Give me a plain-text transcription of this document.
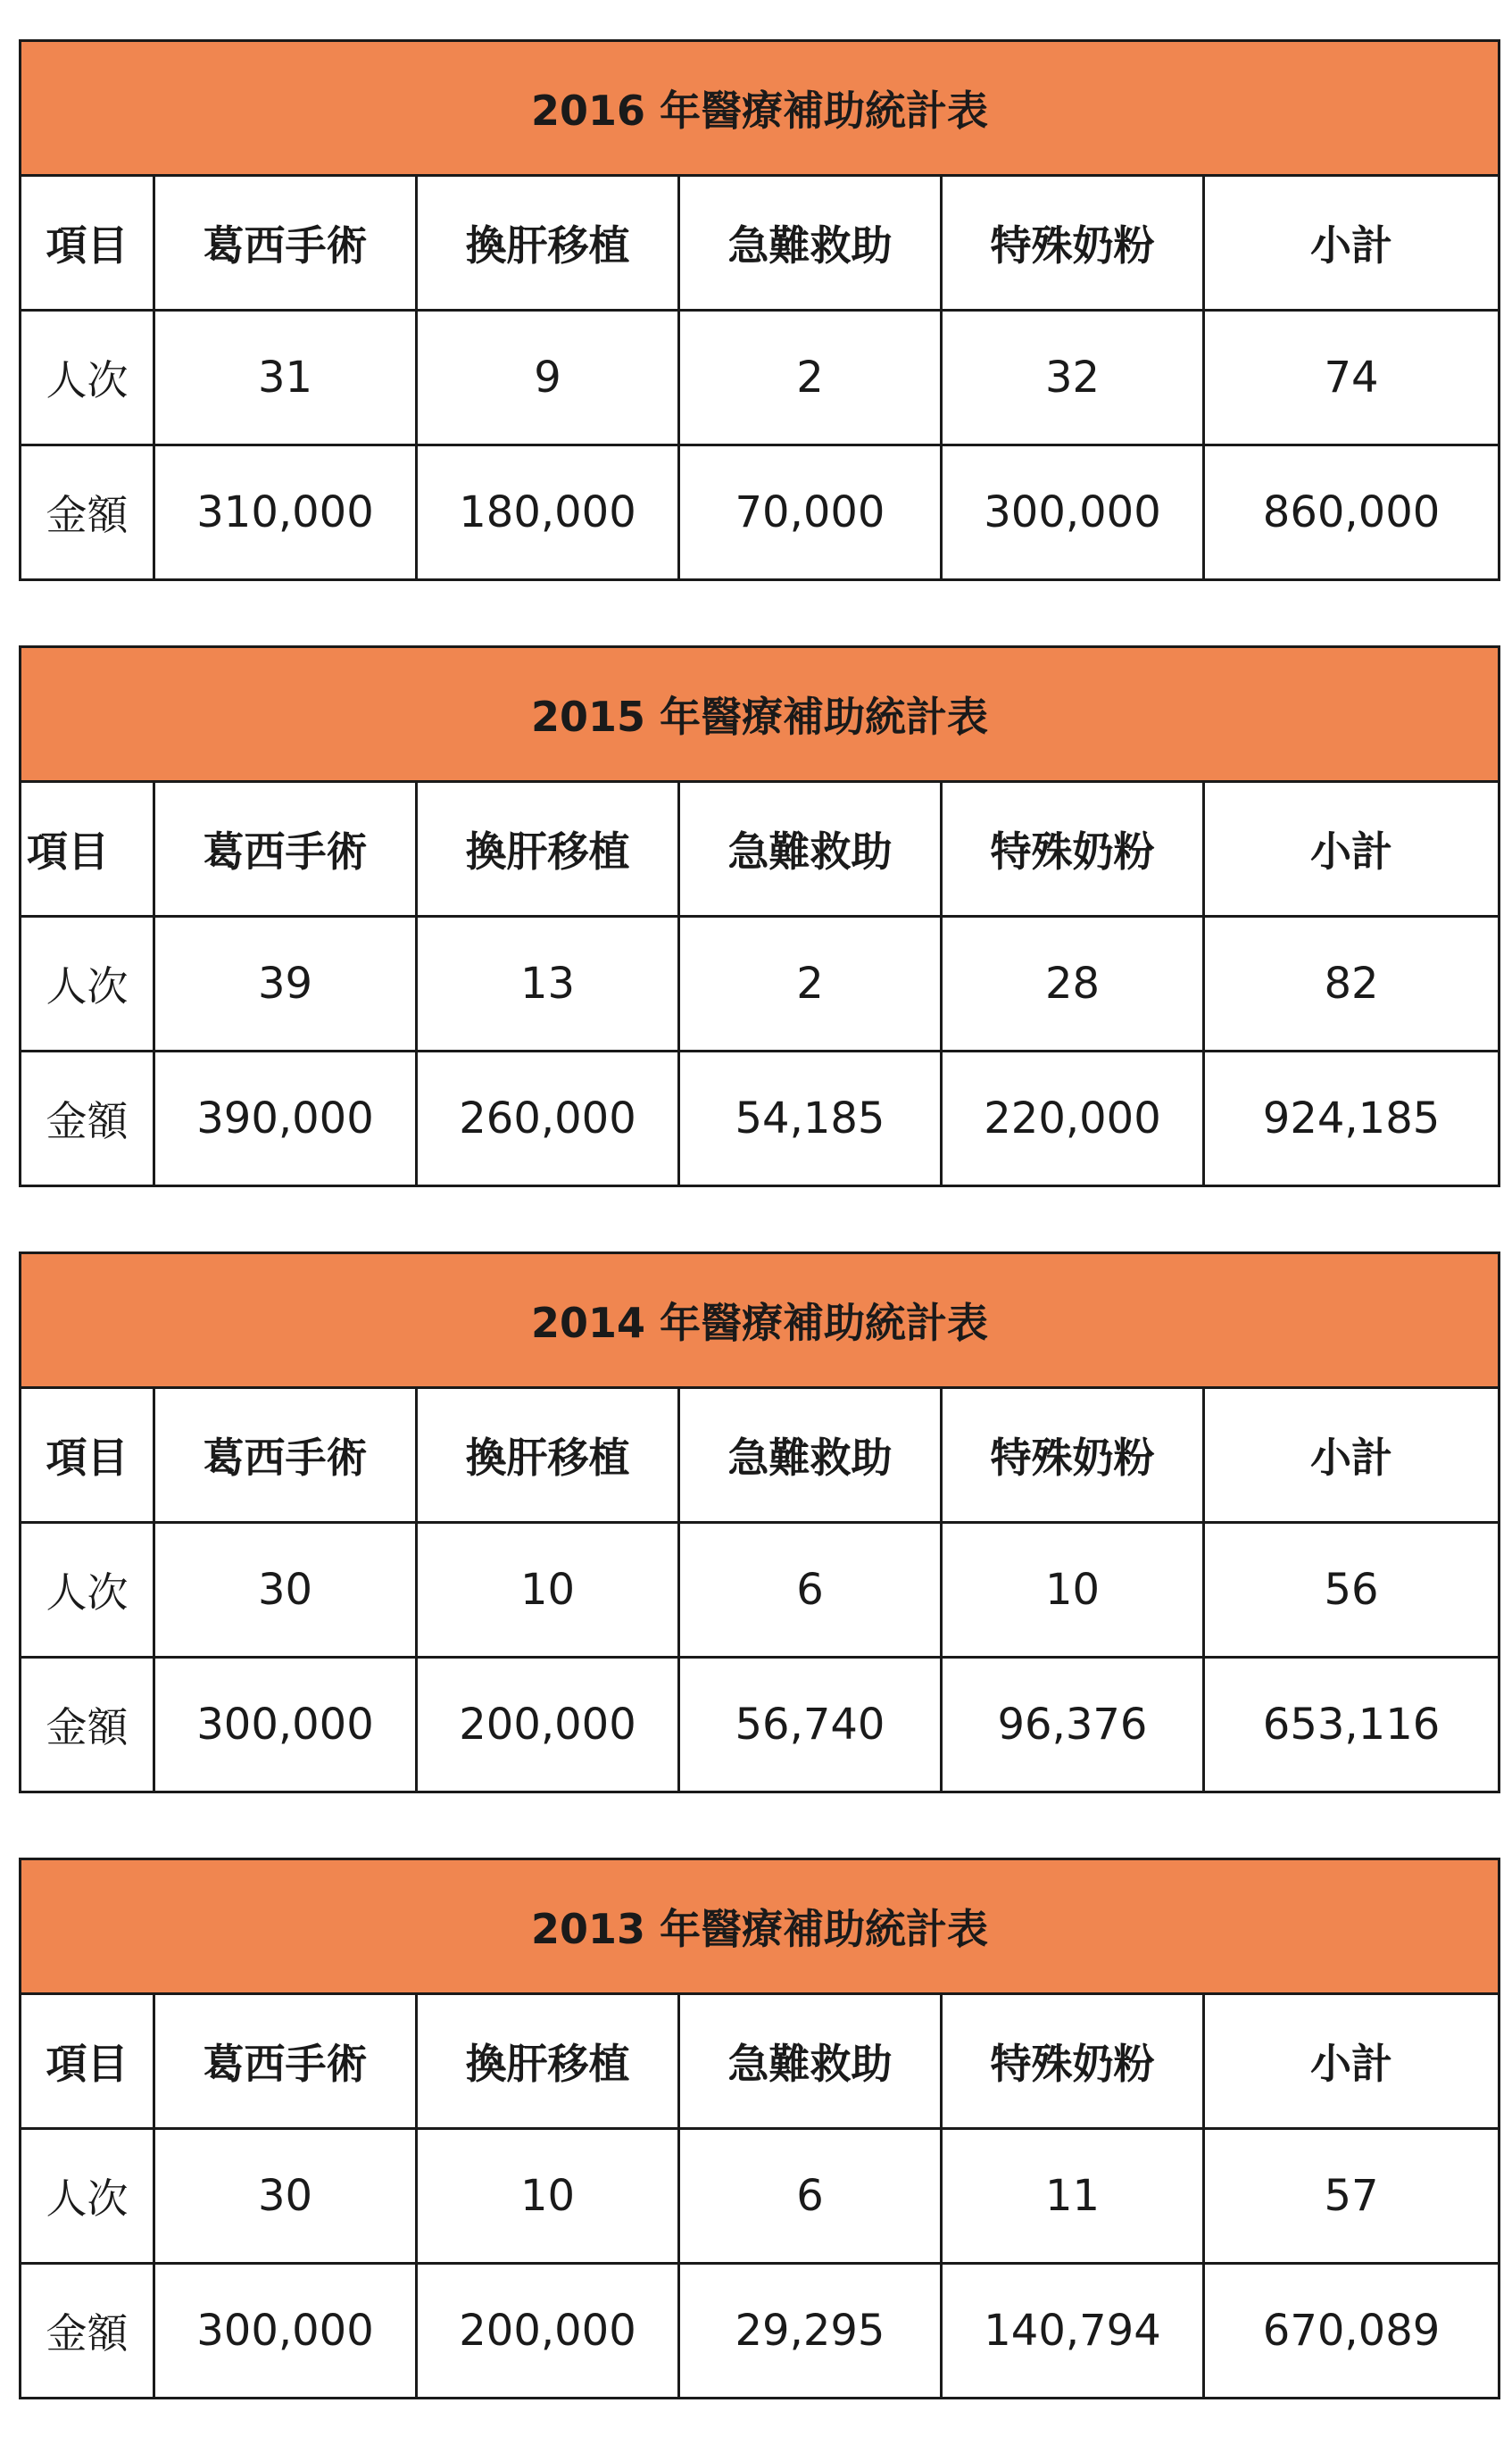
2016 年醫療補助統計表					
項目	葛西手術	換肝移植	急難救助	特殊奶粉	小計
人次	31	9	2	32	74
金額	310,000	180,000	70,000	300,000	860,000
2015 年醫療補助統計表					
項目	葛西手術	換肝移植	急難救助	特殊奶粉	小計
人次	39	13	2	28	82
金額	390,000	260,000	54,185	220,000	924,185
2014 年醫療補助統計表					
項目	葛西手術	換肝移植	急難救助	特殊奶粉	小計
人次	30	10	6	10	56
金額	300,000	200,000	56,740	96,376	653,116
2013 年醫療補助統計表					
項目	葛西手術	換肝移植	急難救助	特殊奶粉	小計
人次	30	10	6	11	57
金額	300,000	200,000	29,295	140,794	670,089
